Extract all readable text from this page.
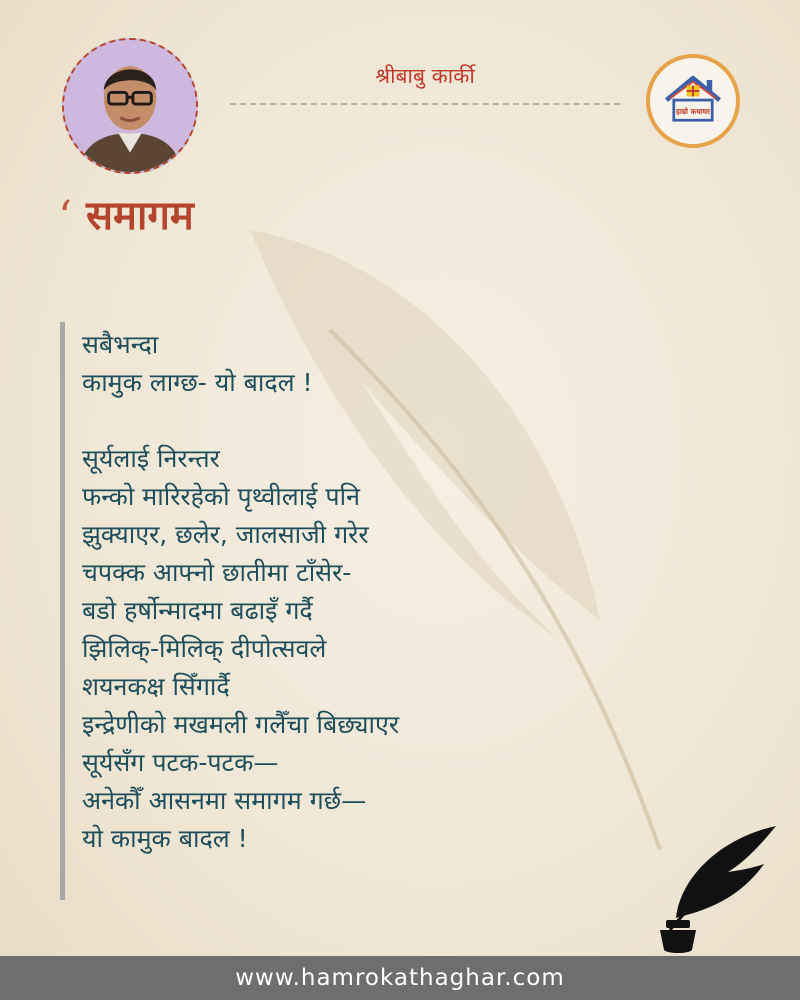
श्रीबाबु कार्की
हाम्रो कथाघर
‘ समागम
सबैभन्दा
कामुक लाग्छ- यो बादल !
सूर्यलाई निरन्तर
फन्को मारिरहेको पृथ्वीलाई पनि
झुक्याएर, छलेर, जालसाजी गरेर
चपक्क आफ्नो छातीमा टाँसेर-
बडो हर्षोन्मादमा बढाइँ गर्दै
झिलिक्-मिलिक् दीपोत्सवले
शयनकक्ष सिँगार्दै
इन्द्रेणीको मखमली गलैँचा बिछ्याएर
सूर्यसँग पटक-पटक—
अनेकौँ आसनमा समागम गर्छ—
यो कामुक बादल !
www.hamrokathaghar.com
